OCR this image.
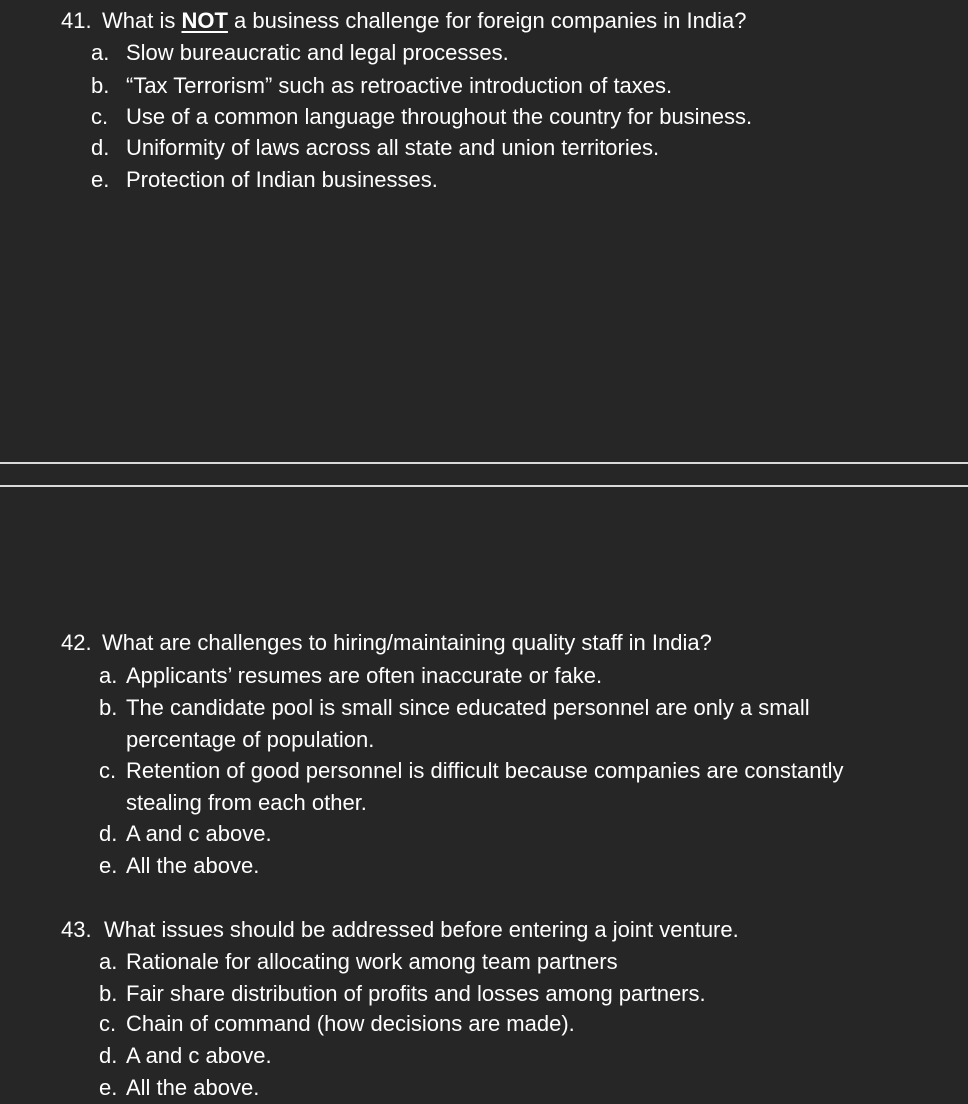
41. What is NOT a business challenge for foreign companies in India?
a. Slow bureaucratic and legal processes.
b. “Tax Terrorism” such as retroactive introduction of taxes.
c. Use of a common language throughout the country for business.
d. Uniformity of laws across all state and union territories.
e. Protection of Indian businesses.
42. What are challenges to hiring/maintaining quality staff in India?
a. Applicants’ resumes are often inaccurate or fake.
b. The candidate pool is small since educated personnel are only a small
percentage of population.
c. Retention of good personnel is difficult because companies are constantly
stealing from each other.
d. A and c above.
e. All the above.
43. What issues should be addressed before entering a joint venture.
a. Rationale for allocating work among team partners
b. Fair share distribution of profits and losses among partners.
c. Chain of command (how decisions are made).
d. A and c above.
e. All the above.
